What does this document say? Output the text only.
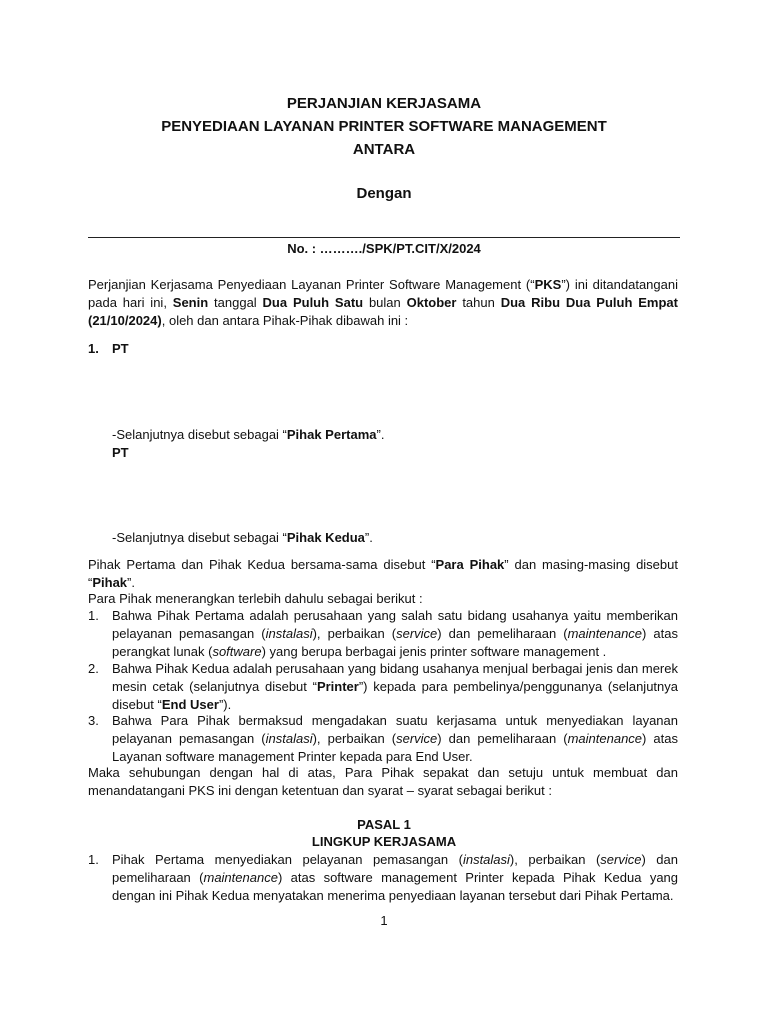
PERJANJIAN KERJASAMA
PENYEDIAAN LAYANAN PRINTER SOFTWARE MANAGEMENT
ANTARA
Dengan
No. : ………./SPK/PT.CIT/X/2024
Perjanjian Kerjasama Penyediaan Layanan Printer Software Management (“PKS”) ini ditandatangani pada hari ini, Senin tanggal Dua Puluh Satu bulan Oktober tahun Dua Ribu Dua Puluh Empat (21/10/2024), oleh dan antara Pihak-Pihak dibawah ini :
1. PT
-Selanjutnya disebut sebagai “Pihak Pertama”.
PT
-Selanjutnya disebut sebagai “Pihak Kedua”.
Pihak Pertama dan Pihak Kedua bersama-sama disebut “Para Pihak” dan masing-masing disebut “Pihak”.
Para Pihak menerangkan terlebih dahulu sebagai berikut :
1. Bahwa Pihak Pertama adalah perusahaan yang salah satu bidang usahanya yaitu memberikan pelayanan pemasangan (instalasi), perbaikan (service) dan pemeliharaan (maintenance) atas perangkat lunak (software) yang berupa berbagai jenis printer software management .
2. Bahwa Pihak Kedua adalah perusahaan yang bidang usahanya menjual berbagai jenis dan merek mesin cetak (selanjutnya disebut “Printer”) kepada para pembelinya/penggunanya (selanjutnya disebut “End User”).
3. Bahwa Para Pihak bermaksud mengadakan suatu kerjasama untuk menyediakan layanan pelayanan pemasangan (instalasi), perbaikan (service) dan pemeliharaan (maintenance) atas Layanan software management Printer kepada para End User.
Maka sehubungan dengan hal di atas, Para Pihak sepakat dan setuju untuk membuat dan menandatangani PKS ini dengan ketentuan dan syarat – syarat sebagai berikut :
PASAL 1
LINGKUP KERJASAMA
1. Pihak Pertama menyediakan pelayanan pemasangan (instalasi), perbaikan (service) dan pemeliharaan (maintenance) atas software management Printer kepada Pihak Kedua yang dengan ini Pihak Kedua menyatakan menerima penyediaan layanan tersebut dari Pihak Pertama.
1
